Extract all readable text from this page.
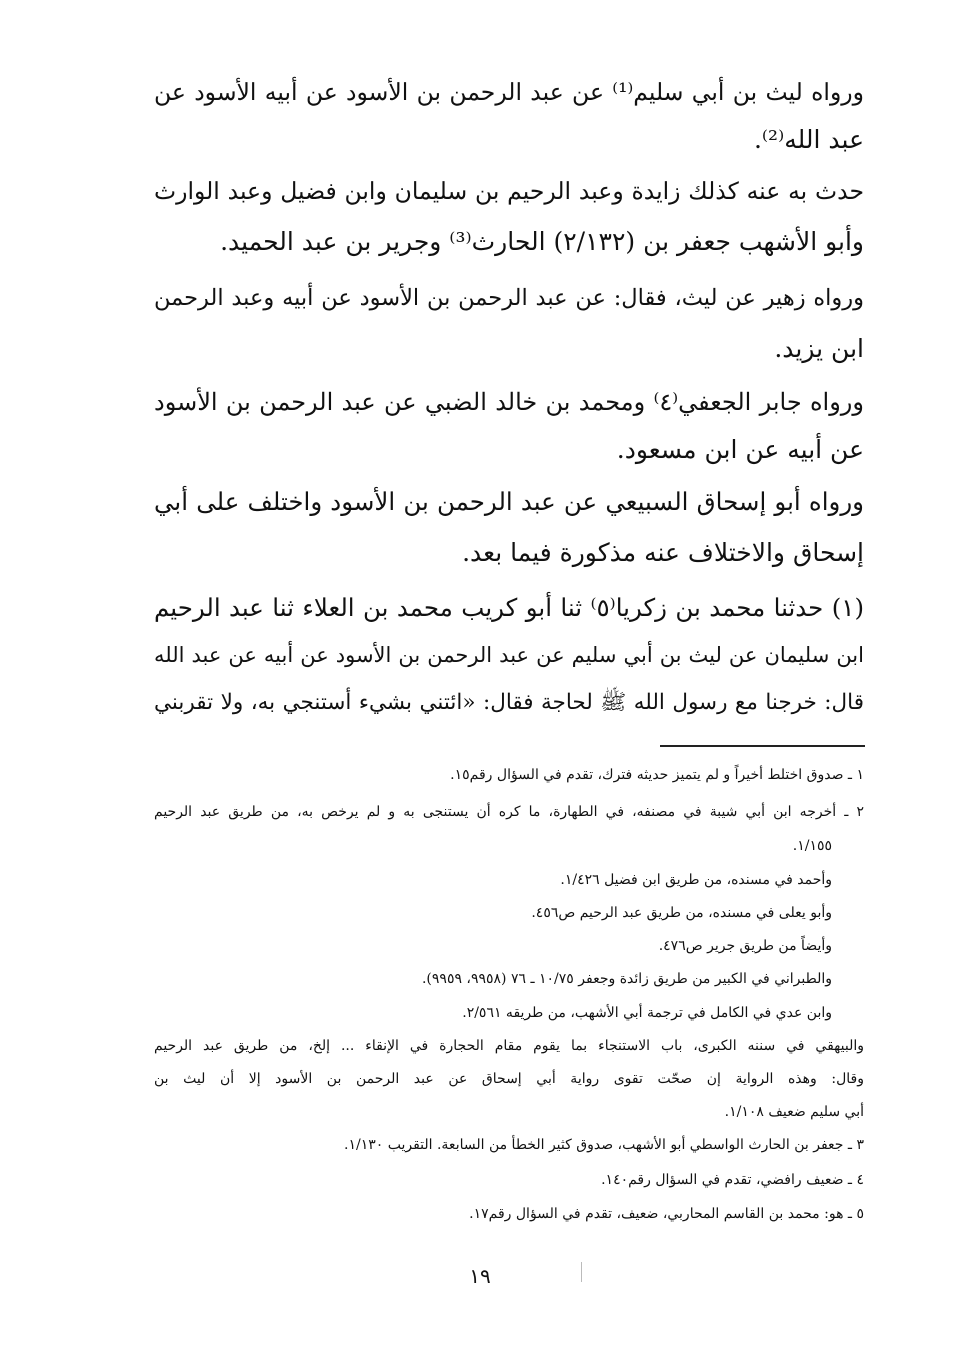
ورواه ليث بن أبي سليم⁽¹⁾ عن عبد الرحمن بن الأسود عن أبيه الأسود عن
عبد الله⁽²⁾.
حدث به عنه كذلك زايدة وعبد الرحيم بن سليمان وابن فضيل وعبد الوارث
وأبو الأشهب جعفر بن (٢/١٣٢) الحارث⁽³⁾ وجرير بن عبد الحميد.
ورواه زهير عن ليث، فقال: عن عبد الرحمن بن الأسود عن أبيه وعبد الرحمن
ابن يزيد.
ورواه جابر الجعفي⁽٤⁾ ومحمد بن خالد الضبي عن عبد الرحمن بن الأسود
عن أبيه عن ابن مسعود.
ورواه أبو إسحاق السبيعي عن عبد الرحمن بن الأسود واختلف على أبي
إسحاق والاختلاف عنه مذكورة فيما بعد.
(١) حدثنا محمد بن زكريا⁽٥⁾ ثنا أبو كريب محمد بن العلاء ثنا عبد الرحيم
ابن سليمان عن ليث بن أبي سليم عن عبد الرحمن بن الأسود عن أبيه عن عبد الله
قال: خرجنا مع رسول الله ﷺ لحاجة فقال: «ائتني بشيء أستنجي به، ولا تقربني
١ ـ صدوق اختلط أخيراً و لم يتميز حديثه فترك، تقدم في السؤال رقم١٥.
٢ ـ أخرجه ابن أبي شيبة في مصنفه، في الطهارة، ما كره أن يستنجى به و لم يرخص به، من طريق عبد الرحيم
١/١٥٥.
وأحمد في مسنده، من طريق ابن فضيل ١/٤٢٦.
وأبو يعلى في مسنده، من طريق عبد الرحيم ص٤٥٦.
وأيضاً من طريق جرير ص٤٧٦.
والطبراني في الكبير من طريق زائدة وجعفر ١٠/٧٥ ـ ٧٦ (٩٩٥٨، ٩٩٥٩).
وابن عدي في الكامل في ترجمة أبي الأشهب، من طريقه ٢/٥٦١.
والبيهقي في سننه الكبرى، باب الاستنجاء بما يقوم مقام الحجارة في الإنقاء ... إلخ، من طريق عبد الرحيم
وقال: وهذه الرواية إن صحّت تقوى رواية أبي إسحاق عن عبد الرحمن بن الأسود إلا أن ليث بن
أبي سليم ضعيف ١/١٠٨.
٣ ـ جعفر بن الحارث الواسطي أبو الأشهب، صدوق كثير الخطأ من السابعة. التقريب ١/١٣٠.
٤ ـ ضعيف رافضي، تقدم في السؤال رقم١٤٠.
٥ ـ هو: محمد بن القاسم المحاربي، ضعيف، تقدم في السؤال رقم١٧.
١٩
